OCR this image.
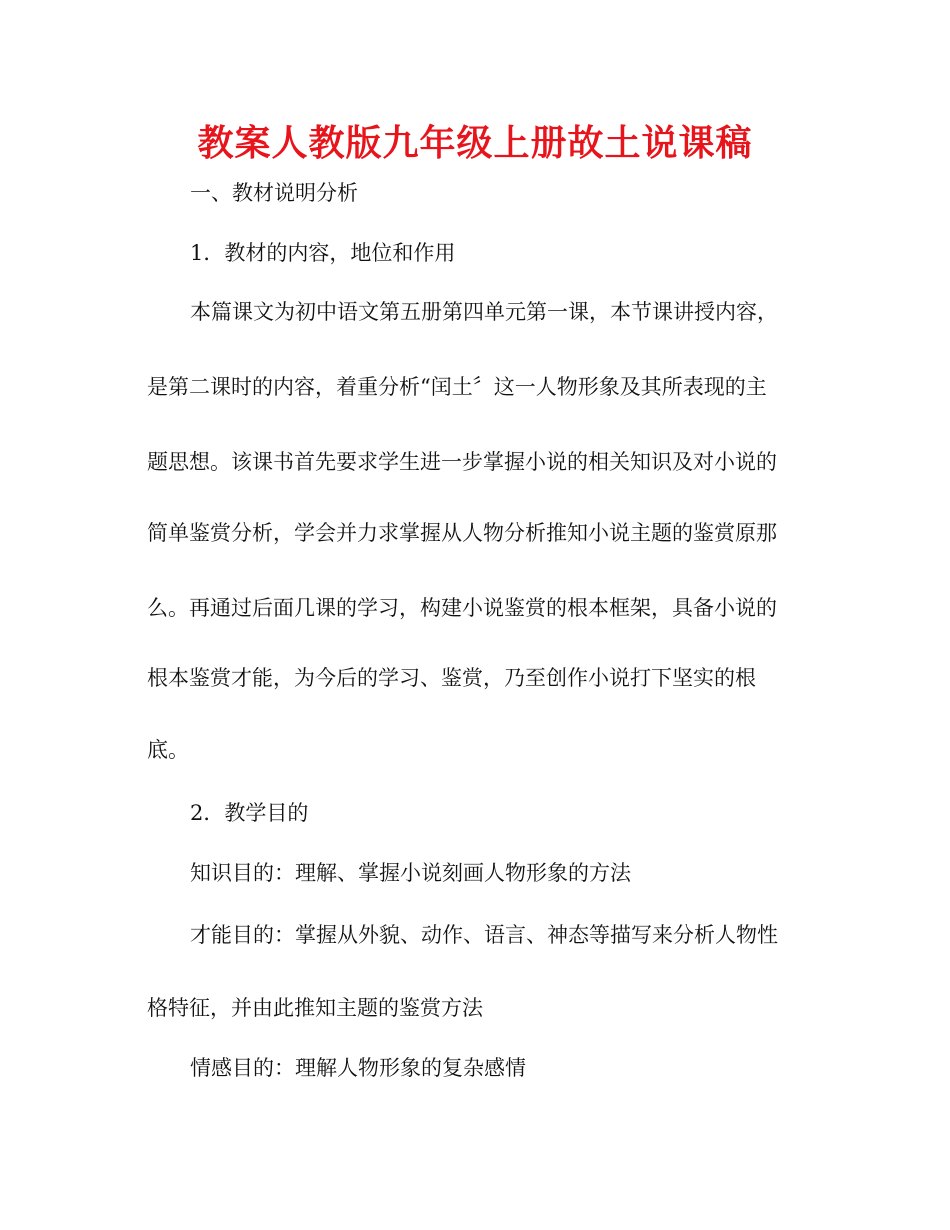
教案人教版九年级上册故土说课稿

一、教材说明分析

1．教材的内容，地位和作用

本篇课文为初中语文第五册第四单元第一课，本节课讲授内容，

是第二课时的内容，着重分析“闰土〞这一人物形象及其所表现的主

题思想。该课书首先要求学生进一步掌握小说的相关知识及对小说的

简单鉴赏分析，学会并力求掌握从人物分析推知小说主题的鉴赏原那

么。再通过后面几课的学习，构建小说鉴赏的根本框架，具备小说的

根本鉴赏才能，为今后的学习、鉴赏，乃至创作小说打下坚实的根

底。

2．教学目的

知识目的：理解、掌握小说刻画人物形象的方法

才能目的：掌握从外貌、动作、语言、神态等描写来分析人物性

格特征，并由此推知主题的鉴赏方法

情感目的：理解人物形象的复杂感情
